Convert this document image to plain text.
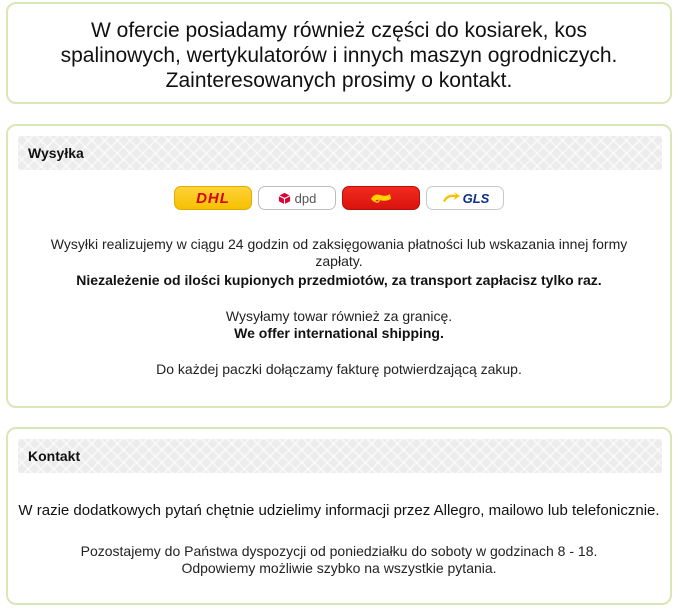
W ofercie posiadamy również części do kosiarek, kos spalinowych, wertykulatorów i innych maszyn ogrodniczych. Zainteresowanych prosimy o kontakt.
Wysyłka
DHL	dpd	GLS
Wysyłki realizujemy w ciągu 24 godzin od zaksięgowania płatności lub wskazania innej formy zapłaty.
Niezależenie od ilości kupionych przedmiotów, za transport zapłacisz tylko raz.
Wysyłamy towar również za granicę.
We offer international shipping.
Do każdej paczki dołączamy fakturę potwierdzającą zakup.
Kontakt
W razie dodatkowych pytań chętnie udzielimy informacji przez Allegro, mailowo lub telefonicznie.
Pozostajemy do Państwa dyspozycji od poniedziałku do soboty w godzinach 8 - 18.
Odpowiemy możliwie szybko na wszystkie pytania.
